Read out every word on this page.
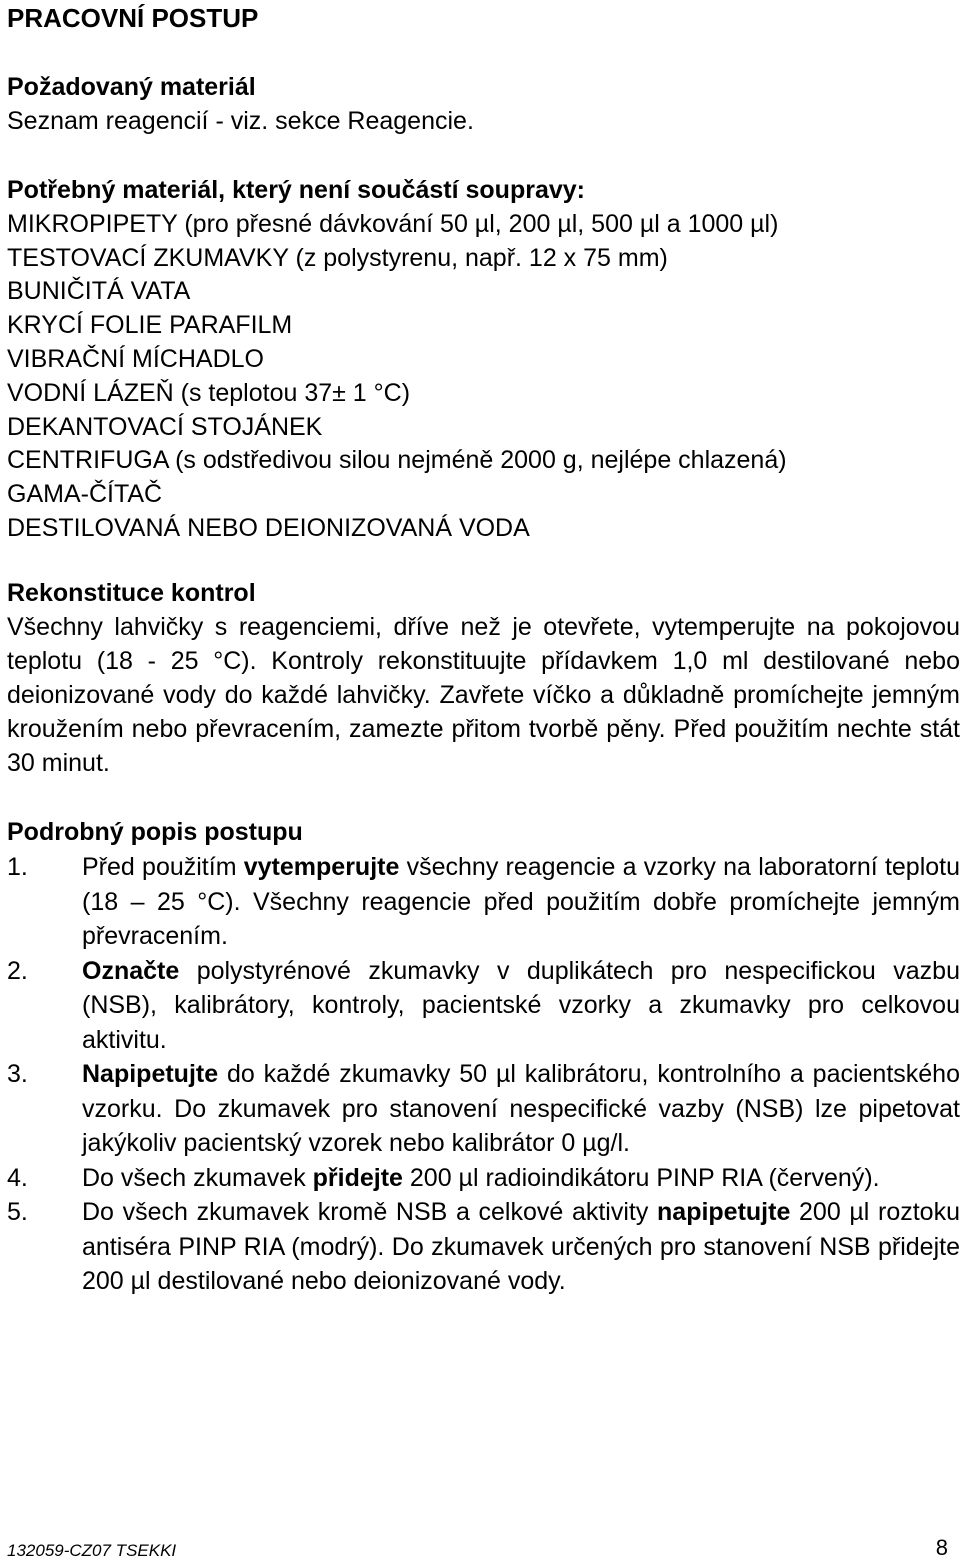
PRACOVNÍ POSTUP
Požadovaný materiál
Seznam reagencií - viz. sekce Reagencie.
Potřebný materiál, který není součástí soupravy:
MIKROPIPETY (pro přesné dávkování 50 µl, 200 µl, 500 µl a 1000 µl)
TESTOVACÍ ZKUMAVKY (z polystyrenu, např. 12 x 75 mm)
BUNIČITÁ VATA
KRYCÍ FOLIE PARAFILM
VIBRAČNÍ MÍCHADLO
VODNÍ LÁZEŇ (s teplotou 37± 1 °C)
DEKANTOVACÍ STOJÁNEK
CENTRIFUGA (s odstředivou silou nejméně 2000 g, nejlépe chlazená)
GAMA-ČÍTAČ
DESTILOVANÁ NEBO DEIONIZOVANÁ VODA
Rekonstituce kontrol
Všechny lahvičky s reagenciemi, dříve než je otevřete, vytemperujte na pokojovou teplotu (18 - 25 °C). Kontroly rekonstituujte přídavkem 1,0 ml destilované nebo deionizované vody do každé lahvičky. Zavřete víčko a důkladně promíchejte jemným kroužením nebo převracením, zamezte přitom tvorbě pěny. Před použitím nechte stát 30 minut.
Podrobný popis postupu
1. Před použitím vytemperujte všechny reagencie a vzorky na laboratorní teplotu (18 – 25 °C). Všechny reagencie před použitím dobře promíchejte jemným převracením.
2. Označte polystyrénové zkumavky v duplikátech pro nespecifickou vazbu (NSB), kalibrátory, kontroly, pacientské vzorky a zkumavky pro celkovou aktivitu.
3. Napipetujte do každé zkumavky 50 µl kalibrátoru, kontrolního a pacientského vzorku. Do zkumavek pro stanovení nespecifické vazby (NSB) lze pipetovat jakýkoliv pacientský vzorek nebo kalibrátor 0 µg/l.
4. Do všech zkumavek přidejte 200 µl radioindikátoru PINP RIA (červený).
5. Do všech zkumavek kromě NSB a celkové aktivity napipetujte 200 µl roztoku antiséra PINP RIA (modrý). Do zkumavek určených pro stanovení NSB přidejte 200 µl destilované nebo deionizované vody.
132059-CZ07 TSEKKI	8
